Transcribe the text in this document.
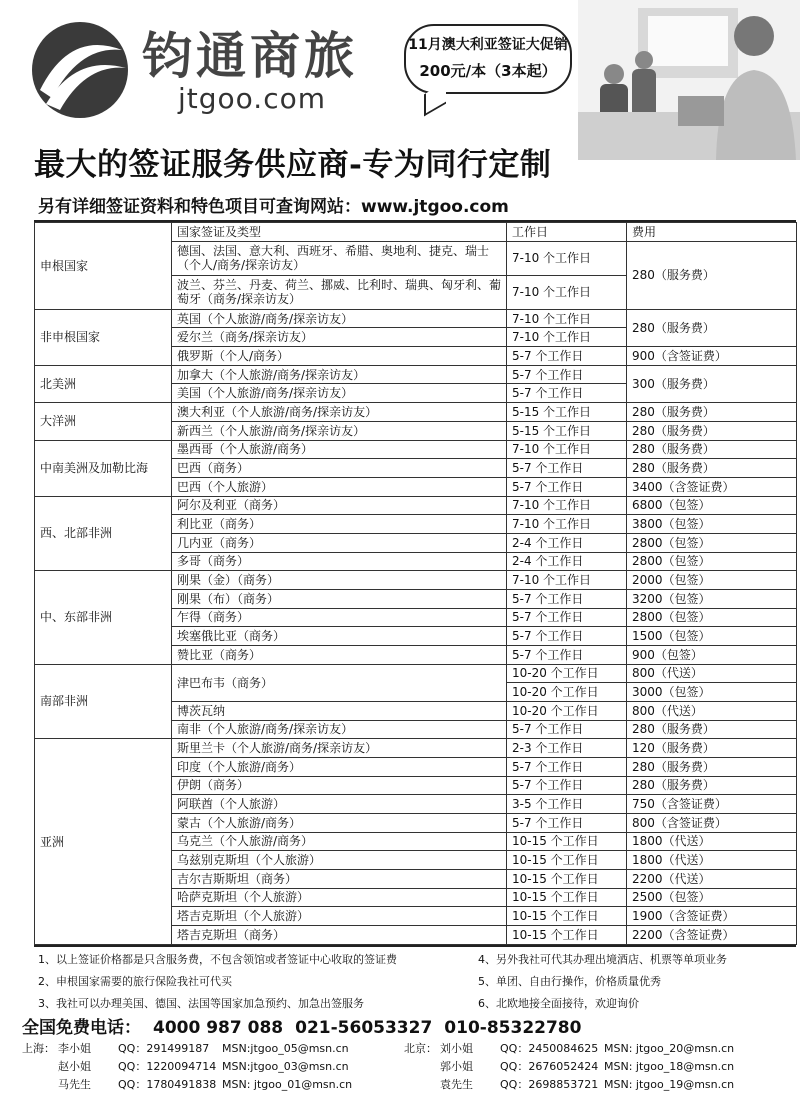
钧通商旅
jtgoo.com
11月澳大利亚签证大促销
200元/本（3本起）
最大的签证服务供应商-专为同行定制
另有详细签证资料和特色项目可查询网站：www.jtgoo.com
申根国家	国家签证及类型	工作日	费用
	德国、法国、意大利、西班牙、希腊、奥地利、捷克、瑞士（个人/商务/探亲访友）	7-10 个工作日	280（服务费）
	波兰、芬兰、丹麦、荷兰、挪威、比利时、瑞典、匈牙利、葡萄牙（商务/探亲访友）	7-10 个工作日	
非申根国家	英国（个人旅游/商务/探亲访友）	7-10 个工作日	280（服务费）
	爱尔兰（商务/探亲访友）	7-10 个工作日	
	俄罗斯（个人/商务）	5-7 个工作日	900（含签证费）
北美洲	加拿大（个人旅游/商务/探亲访友）	5-7 个工作日	300（服务费）
	美国（个人旅游/商务/探亲访友）	5-7 个工作日	
大洋洲	澳大利亚（个人旅游/商务/探亲访友）	5-15 个工作日	280（服务费）
	新西兰（个人旅游/商务/探亲访友）	5-15 个工作日	280（服务费）
中南美洲及加勒比海	墨西哥（个人旅游/商务）	7-10 个工作日	280（服务费）
	巴西（商务）	5-7 个工作日	280（服务费）
	巴西（个人旅游）	5-7 个工作日	3400（含签证费）
西、北部非洲	阿尔及利亚（商务）	7-10 个工作日	6800（包签）
	利比亚（商务）	7-10 个工作日	3800（包签）
	几内亚（商务）	2-4 个工作日	2800（包签）
	多哥（商务）	2-4 个工作日	2800（包签）
中、东部非洲	刚果（金）（商务）	7-10 个工作日	2000（包签）
	刚果（布）（商务）	5-7 个工作日	3200（包签）
	乍得（商务）	5-7 个工作日	2800（包签）
	埃塞俄比亚（商务）	5-7 个工作日	1500（包签）
	赞比亚（商务）	5-7 个工作日	900（包签）
南部非洲	津巴布韦（商务）	10-20 个工作日	800（代送）
		10-20 个工作日	3000（包签）
	博茨瓦纳	10-20 个工作日	800（代送）
	南非（个人旅游/商务/探亲访友）	5-7 个工作日	280（服务费）
亚洲	斯里兰卡（个人旅游/商务/探亲访友）	2-3 个工作日	120（服务费）
	印度（个人旅游/商务）	5-7 个工作日	280（服务费）
	伊朗（商务）	5-7 个工作日	280（服务费）
	阿联酋（个人旅游）	3-5 个工作日	750（含签证费）
	蒙古（个人旅游/商务）	5-7 个工作日	800（含签证费）
	乌克兰（个人旅游/商务）	10-15 个工作日	1800（代送）
	乌兹别克斯坦（个人旅游）	10-15 个工作日	1800（代送）
	吉尔吉斯斯坦（商务）	10-15 个工作日	2200（代送）
	哈萨克斯坦（个人旅游）	10-15 个工作日	2500（包签）
	塔吉克斯坦（个人旅游）	10-15 个工作日	1900（含签证费）
	塔吉克斯坦（商务）	10-15 个工作日	2200（含签证费）
1、以上签证价格都是只含服务费，不包含领馆或者签证中心收取的签证费	4、另外我社可代其办理出境酒店、机票等单项业务
2、申根国家需要的旅行保险我社可代买	5、单团、自由行操作，价格质量优秀
3、我社可以办理美国、德国、法国等国家加急预约、加急出签服务	6、北欧地接全面接待，欢迎询价
全国免费电话： 4000 987 088 021-56053327 010-85322780
上海： 李小姐	QQ：291499187	MSN:jtgoo_05@msn.cn	北京： 刘小姐	QQ：2450084625 MSN: jtgoo_20@msn.cn
赵小姐	QQ：1220094714 MSN:jtgoo_03@msn.cn	郭小姐	QQ：2676052424 MSN: jtgoo_18@msn.cn
马先生	QQ：1780491838 MSN: jtgoo_01@msn.cn	袁先生	QQ：2698853721 MSN: jtgoo_19@msn.cn
